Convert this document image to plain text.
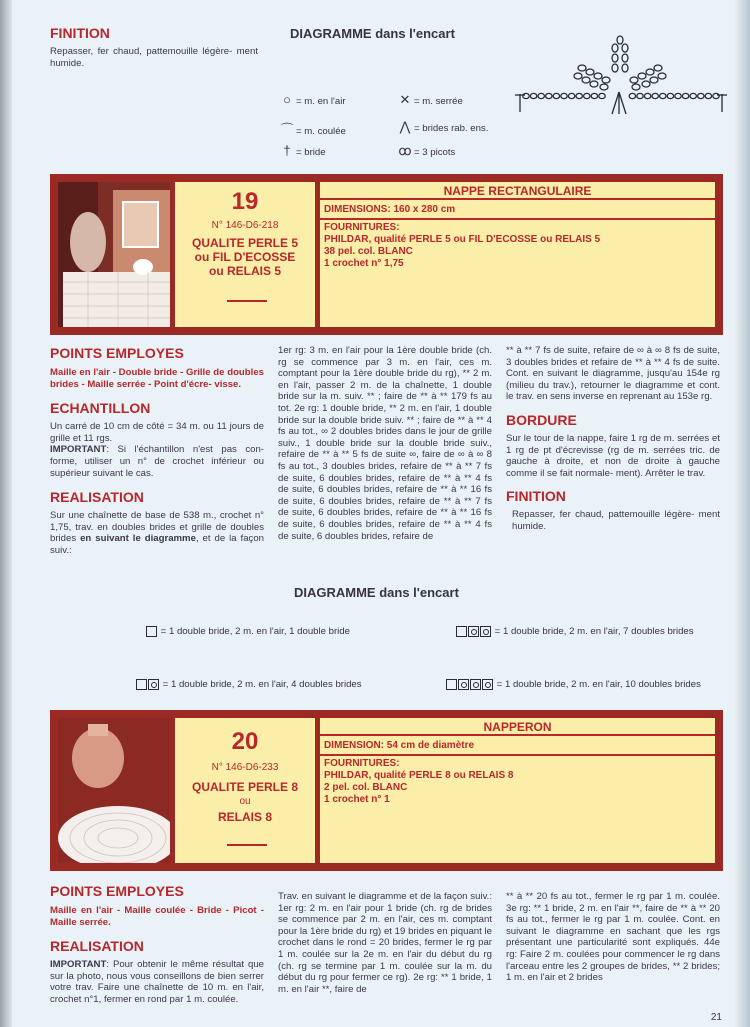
FINITION
Repasser, fer chaud, pattemouille légère- ment humide.
DIAGRAMME dans l'encart
○ = m. en l'air	✕ = m. serrée
⌒ = m. coulée	⋀ = brides rab. ens.
† = bride	ꝏ = 3 picots
19
N° 146-D6-218
QUALITE PERLE 5
ou FIL D'ECOSSE
ou RELAIS 5
NAPPE RECTANGULAIRE
DIMENSIONS: 160 x 280 cm
FOURNITURES:
PHILDAR, qualité PERLE 5 ou FIL D'ECOSSE ou RELAIS 5
38 pel. col. BLANC
1 crochet n° 1,75
POINTS EMPLOYES
Maille en l'air - Double bride - Grille de doubles brides - Maille serrée - Point d'écre- visse.
ECHANTILLON
Un carré de 10 cm de côté = 34 m. ou 11 jours de grille et 11 rgs.
IMPORTANT: Si l'échantillon n'est pas con- forme, utiliser un n° de crochet inférieur ou supérieur suivant le cas.
REALISATION
Sur une chaînette de base de 538 m., crochet n° 1,75, trav. en doubles brides et grille de doubles brides en suivant le diagramme, et de la façon suiv.:
1er rg: 3 m. en l'air pour la 1ère double bride (ch. rg se commence par 3 m. en l'air, ces m. comptant pour la 1ère double bride du rg), ** 2 m. en l'air, passer 2 m. de la chaînette, 1 double bride sur la m. suiv. ** ; faire de ** à ** 179 fs au tot. 2e rg: 1 double bride, ** 2 m. en l'air, 1 double bride sur la double bride suiv. ** ; faire de ** à ** 4 fs au tot., ∞ 2 doubles brides dans le jour de grille suiv., 1 double bride sur la double bride suiv., refaire de ** à ** 5 fs de suite ∞, faire de ∞ à ∞ 8 fs au tot., 3 doubles brides, refaire de ** à ** 7 fs de suite, 6 doubles brides, refaire de ** à ** 4 fs de suite, 6 doubles brides, refaire de ** à ** 16 fs de suite, 6 doubles brides, refaire de ** à ** 7 fs de suite, 6 doubles brides, refaire de ** à ** 16 fs de suite, 6 doubles brides, refaire de ** à ** 4 fs de suite, 6 doubles brides, refaire de
** à ** 7 fs de suite, refaire de ∞ à ∞ 8 fs de suite, 3 doubles brides et refaire de ** à ** 4 fs de suite. Cont. en suivant le diagramme, jusqu'au 154e rg (milieu du trav.), retourner le diagramme et cont. le trav. en sens inverse en reprenant au 153e rg.
BORDURE
Sur le tour de la nappe, faire 1 rg de m. serrées et 1 rg de pt d'écrevisse (rg de m. serrées tric. de gauche à droite, et non de droite à gauche comme il se fait normale- ment). Arrêter le trav.
FINITION
Repasser, fer chaud, pattemouille légère- ment humide.
DIAGRAMME dans l'encart
= 1 double bride, 2 m. en l'air, 1 double bride	= 1 double bride, 2 m. en l'air, 7 doubles brides
= 1 double bride, 2 m. en l'air, 4 doubles brides	= 1 double bride, 2 m. en l'air, 10 doubles brides
20
N° 146-D6-233
QUALITE PERLE 8
ou
RELAIS 8
NAPPERON
DIMENSION: 54 cm de diamètre
FOURNITURES:
PHILDAR, qualité PERLE 8 ou RELAIS 8
2 pel. col. BLANC
1 crochet n° 1
POINTS EMPLOYES
Maille en l'air - Maille coulée - Bride - Picot - Maille serrée.
REALISATION
IMPORTANT: Pour obtenir le même résultat que sur la photo, nous vous conseillons de bien serrer votre trav. Faire une chaînette de 10 m. en l'air, crochet n°1, fermer en rond par 1 m. coulée.
Trav. en suivant le diagramme et de la façon suiv.: 1er rg: 2 m. en l'air pour 1 bride (ch. rg de brides se commence par 2 m. en l'air, ces m. comptant pour la 1ère bride du rg) et 19 brides en piquant le crochet dans le rond = 20 brides, fermer le rg par 1 m. coulée sur la 2e m. en l'air du début du rg (ch. rg se termine par 1 m. coulée sur la m. du début du rg pour fermer ce rg). 2e rg: ** 1 bride, 1 m. en l'air **, faire de
** à ** 20 fs au tot., fermer le rg par 1 m. coulée. 3e rg: ** 1 bride, 2 m. en l'air **, faire de ** à ** 20 fs au tot., fermer le rg par 1 m. coulée. Cont. en suivant le diagramme en sachant que les rgs présentant une particularité sont expliqués. 44e rg: Faire 2 m. coulées pour commencer le rg dans l'arceau entre les 2 groupes de brides, ** 2 brides; 1 m. en l'air et 2 brides
21
